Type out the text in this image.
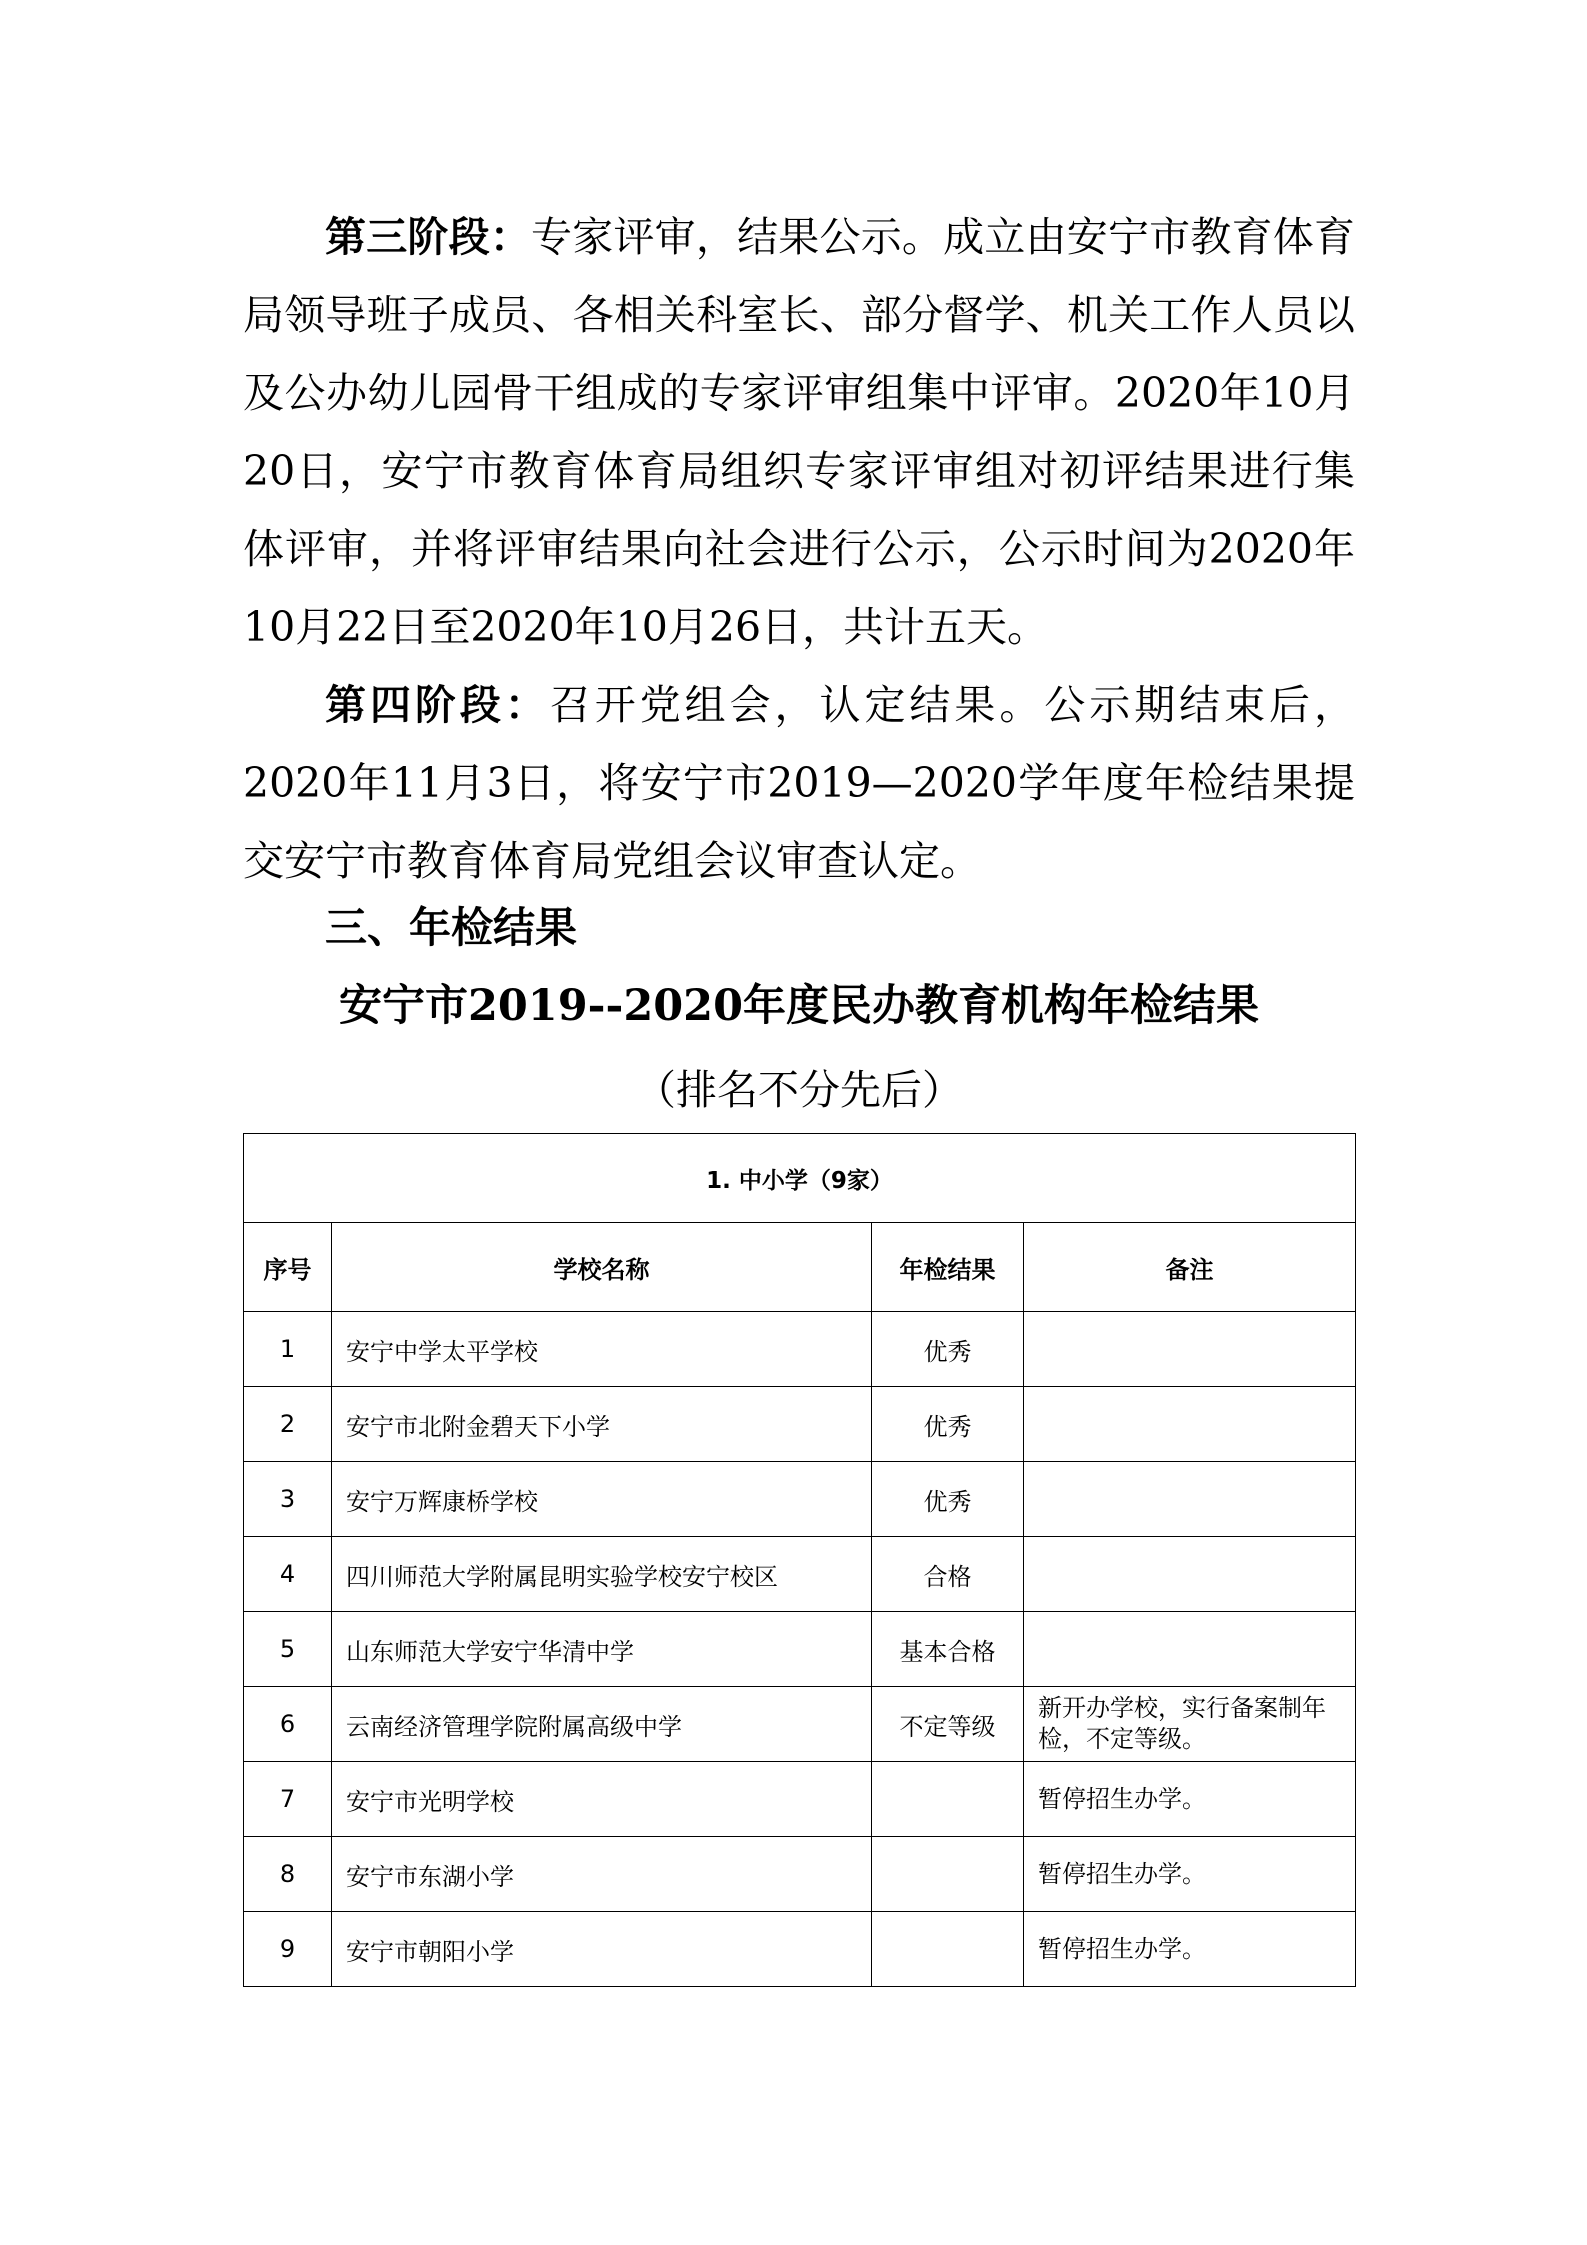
第三阶段：专家评审，结果公示。成立由安宁市教育体育局领导班子成员、各相关科室长、部分督学、机关工作人员以及公办幼儿园骨干组成的专家评审组集中评审。2020年10月20日，安宁市教育体育局组织专家评审组对初评结果进行集体评审，并将评审结果向社会进行公示，公示时间为2020年10月22日至2020年10月26日，共计五天。

第四阶段：召开党组会，认定结果。公示期结束后，2020年11月3日，将安宁市2019—2020学年度年检结果提交安宁市教育体育局党组会议审查认定。

三、年检结果
安宁市2019--2020年度民办教育机构年检结果
（排名不分先后）
1. 中小学（9家）			
序号	学校名称	年检结果	备注
1	安宁中学太平学校	优秀	
2	安宁市北附金碧天下小学	优秀	
3	安宁万辉康桥学校	优秀	
4	四川师范大学附属昆明实验学校安宁校区	合格	
5	山东师范大学安宁华清中学	基本合格	
6	云南经济管理学院附属高级中学	不定等级	新开办学校，实行备案制年检，不定等级。
7	安宁市光明学校		暂停招生办学。
8	安宁市东湖小学		暂停招生办学。
9	安宁市朝阳小学		暂停招生办学。
